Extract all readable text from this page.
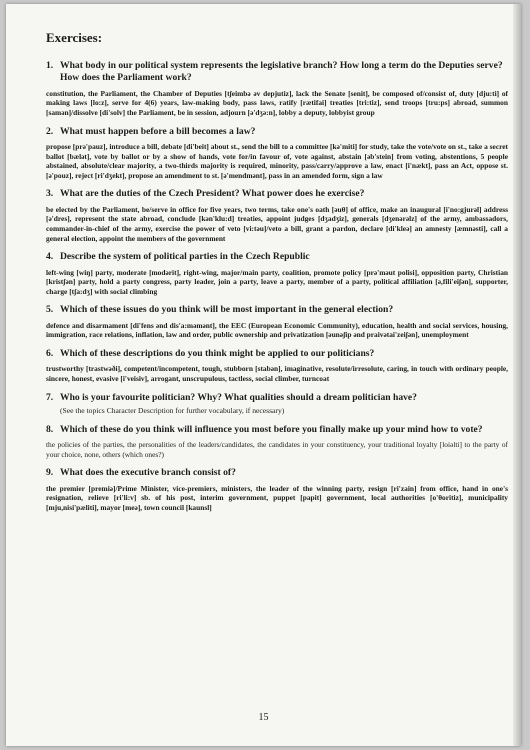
Exercises:
1. What body in our political system represents the legislative branch? How long a term do the Deputies serve? How does the Parliament work?
constitution, the Parliament, the Chamber of Deputies [tʃeimbə əv depjutiz], lack the Senate [senit], be composed of/consist of, duty [dju:ti] of making laws [lo:z], serve for 4(6) years, law-making body, pass laws, ratify [rætifai] treaties [tri:tiz], send troops [tru:ps] abroad, summon [samən]/dissolve [di'solv] the Parliament, be in session, adjourn [ə'dʒə:n], lobby a deputy, lobbyist group
2. What must happen before a bill becomes a law?
propose [prə'pauz], introduce a bill, debate [di'beit] about st., send the bill to a committee [kə'miti] for study, take the vote/vote on st., take a secret ballot [bælət], vote by ballot or by a show of hands, vote for/in favour of, vote against, abstain [əb'stein] from voting, abstentions, 5 people abstained, absolute/clear majority, a two-thirds majority is required, minority, pass/carry/approve a law, enact [i'nækt], pass an Act, oppose st. [ə'pouz], reject [ri'dʒekt], propose an amendment to st. [ə'mendmənt], pass in an amended form, sign a law
3. What are the duties of the Czech President? What power does he exercise?
be elected by the Parliament, be/serve in office for five years, two terms, take one's oath [əuθ] of office, make an inaugural [i'no:gjurəl] address [ə'dres], represent the state abroad, conclude [kən'klu:d] treaties, appoint judges [dʒadʒiz], generals [dʒenərəlz] of the army, ambassadors, commander-in-chief of the army, exercise the power of veto [vi:təu]/veto a bill, grant a pardon, declare [di'kleə] an amnesty [æmnəsti], call a general election, appoint the members of the government
4. Describe the system of political parties in the Czech Republic
left-wing [wiŋ] party, moderate [modərit], right-wing, major/main party, coalition, promote policy [prə'məut polisi], opposition party, Christian [kristʃən] party, hold a party congress, party leader, join a party, leave a party, member of a party, political affiliation [ə,fili'eiʃən], supporter, charge [tʃa:dʒ] with social climbing
5. Which of these issues do you think will be most important in the general election?
defence and disarmament [di'fens ənd dis'a:məmənt], the EEC (European Economic Community), education, health and social services, housing, immigration, race relations, inflation, law and order, public ownership and privatization [əunəʃip ənd praivətai'zeiʃən], unemployment
6. Which of these descriptions do you think might be applied to our politicians?
trustworthy [trastwəði], competent/incompetent, tough, stubborn [stabən], imaginative, resolute/irresolute, caring, in touch with ordinary people, sincere, honest, evasive [i'veisiv], arrogant, unscrupulous, tactless, social climber, turncoat
7. Who is your favourite politician? Why? What qualities should a dream politician have?
(See the topics Character Description for further vocabulary, if necessary)
8. Which of these do you think will influence you most before you finally make up your mind how to vote?
the policies of the parties, the personalities of the leaders/candidates, the candidates in your constituency, your traditional loyalty [loiəlti] to the party of your choice, none, others (which ones?)
9. What does the executive branch consist of?
the premier [premiə]/Prime Minister, vice-premiers, ministers, the leader of the winning party, resign [ri'zain] from office, hand in one's resignation, relieve [ri'li:v] sb. of his post, interim government, puppet [papit] government, local authorities [o'θoritiz], municipality [mju,nisi'pæliti], mayor [meə], town council [kaunsl]
15
